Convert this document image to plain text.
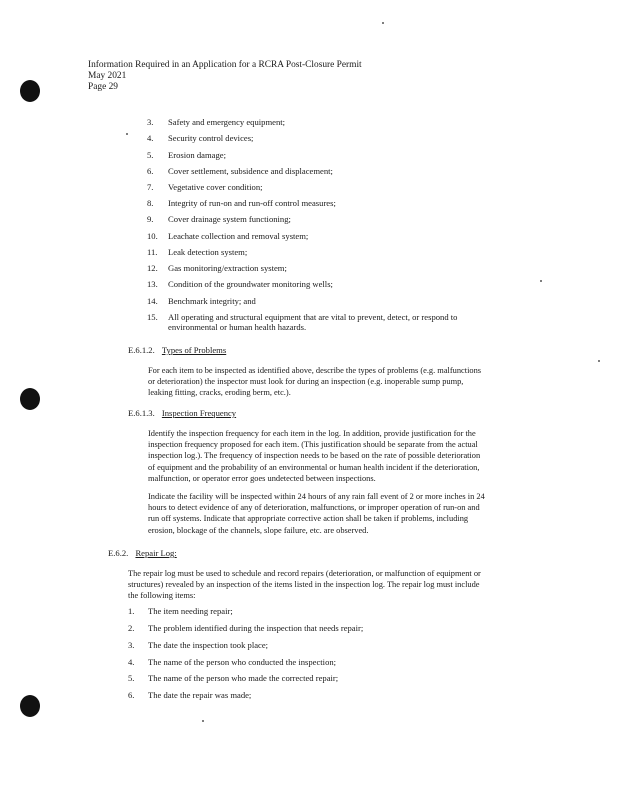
Information Required in an Application for a RCRA Post-Closure Permit
May 2021
Page 29
3. Safety and emergency equipment;
4. Security control devices;
5. Erosion damage;
6. Cover settlement, subsidence and displacement;
7. Vegetative cover condition;
8. Integrity of run-on and run-off control measures;
9. Cover drainage system functioning;
10. Leachate collection and removal system;
11. Leak detection system;
12. Gas monitoring/extraction system;
13. Condition of the groundwater monitoring wells;
14. Benchmark integrity; and
15. All operating and structural equipment that are vital to prevent, detect, or respond to
environmental or human health hazards.
E.6.1.2. Types of Problems
For each item to be inspected as identified above, describe the types of problems (e.g. malfunctions
or deterioration) the inspector must look for during an inspection (e.g. inoperable sump pump,
leaking fitting, cracks, eroding berm, etc.).
E.6.1.3. Inspection Frequency
Identify the inspection frequency for each item in the log. In addition, provide justification for the
inspection frequency proposed for each item. (This justification should be separate from the actual
inspection log.). The frequency of inspection needs to be based on the rate of possible deterioration
of equipment and the probability of an environmental or human health incident if the deterioration,
malfunction, or operator error goes undetected between inspections.
Indicate the facility will be inspected within 24 hours of any rain fall event of 2 or more inches in 24
hours to detect evidence of any of deterioration, malfunctions, or improper operation of run-on and
run off systems. Indicate that appropriate corrective action shall be taken if problems, including
erosion, blockage of the channels, slope failure, etc. are observed.
E.6.2. Repair Log:
The repair log must be used to schedule and record repairs (deterioration, or malfunction of equipment or
structures) revealed by an inspection of the items listed in the inspection log. The repair log must include
the following items:
1. The item needing repair;
2. The problem identified during the inspection that needs repair;
3. The date the inspection took place;
4. The name of the person who conducted the inspection;
5. The name of the person who made the corrected repair;
6. The date the repair was made;
